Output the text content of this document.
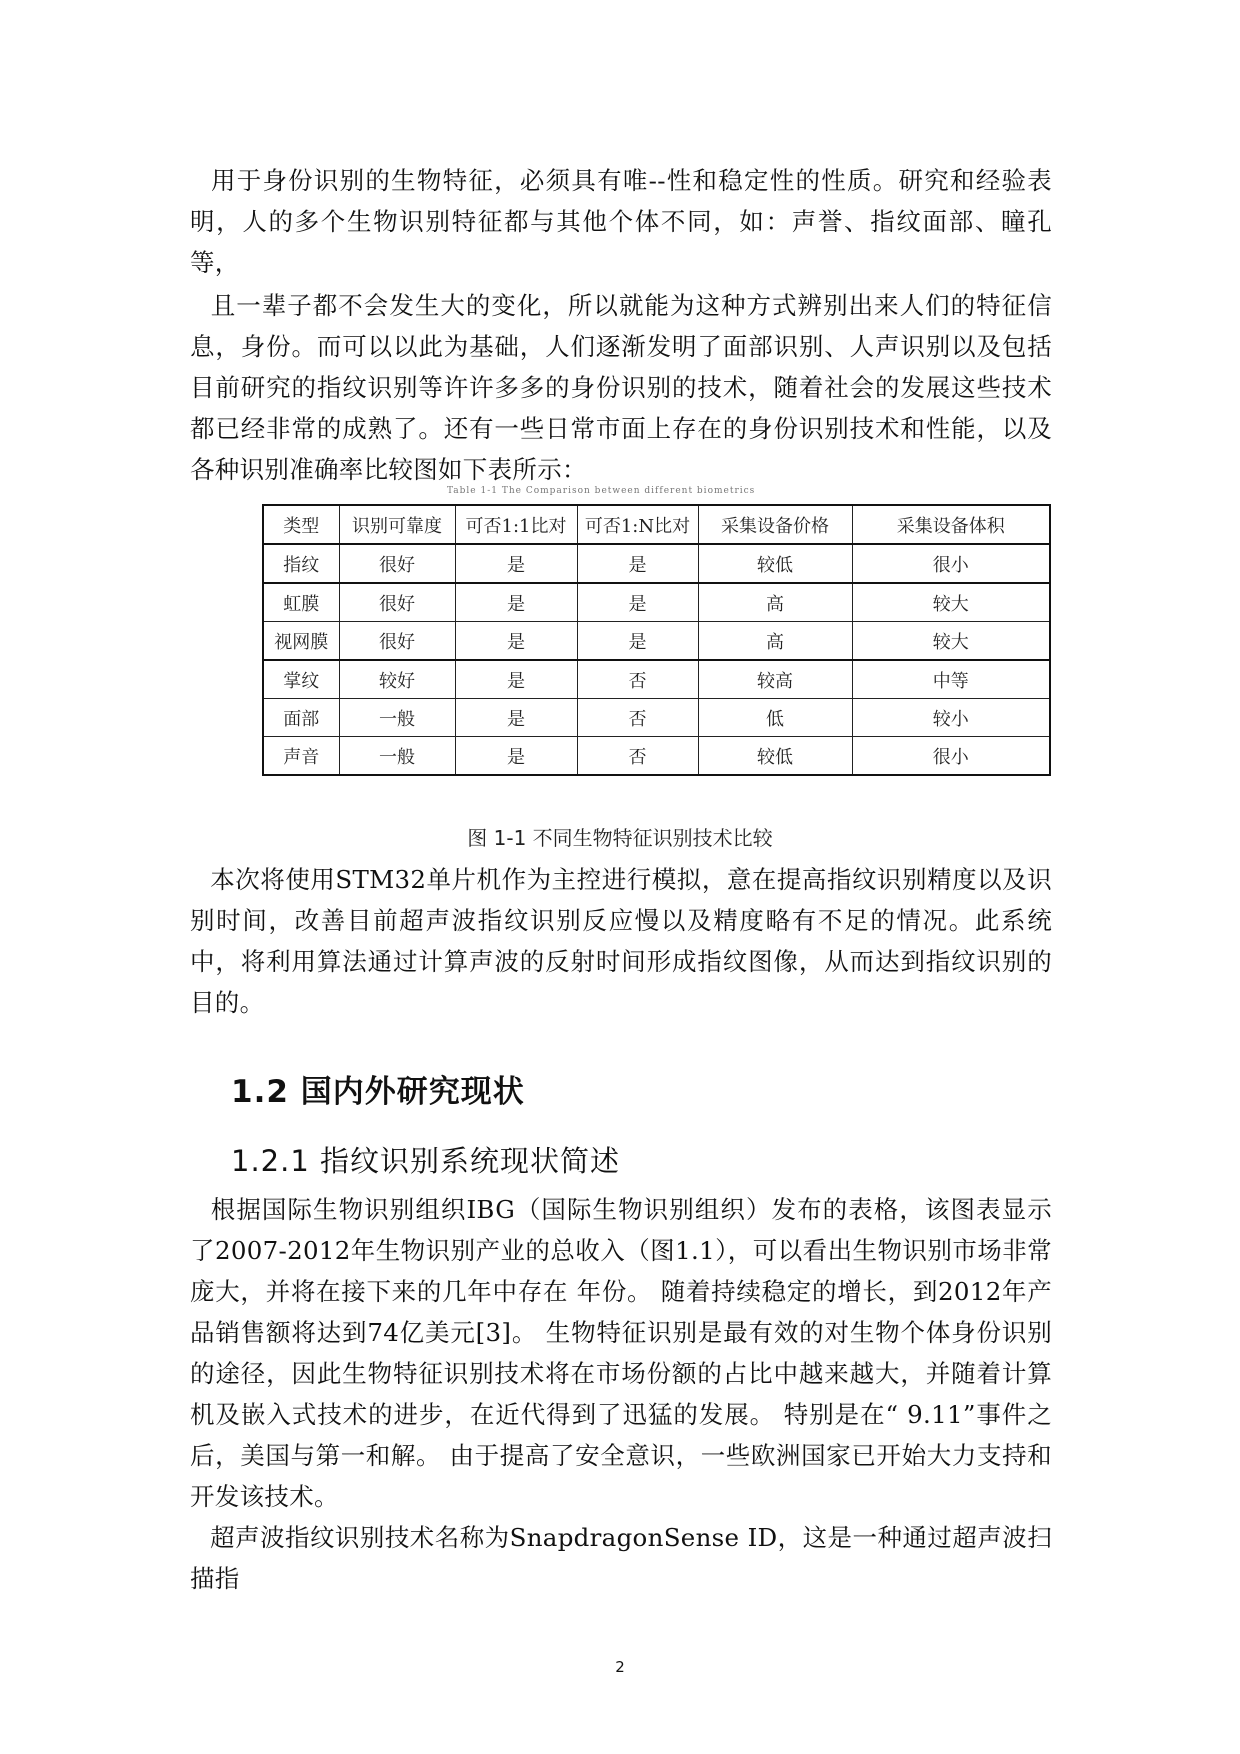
用于身份识别的生物特征，必须具有唯--性和稳定性的性质。研究和经验表明，人的多个生物识别特征都与其他个体不同，如：声誉、指纹面部、瞳孔等，

且一辈子都不会发生大的变化，所以就能为这种方式辨别出来人们的特征信息，身份。而可以以此为基础，人们逐渐发明了面部识别、人声识别以及包括目前研究的指纹识别等许许多多的身份识别的技术，随着社会的发展这些技术都已经非常的成熟了。还有一些日常市面上存在的身份识别技术和性能，以及各种识别准确率比较图如下表所示：

Table 1-1 The Comparison between different biometrics
类型	识别可靠度	可否1:1比对	可否1:N比对	采集设备价格	采集设备体积
指纹	很好	是	是	较低	很小
虹膜	很好	是	是	高	较大
视网膜	很好	是	是	高	较大
掌纹	较好	是	否	较高	中等
面部	一般	是	否	低	较小
声音	一般	是	否	较低	很小
图 1-1 不同生物特征识别技术比较

本次将使用STM32单片机作为主控进行模拟，意在提高指纹识别精度以及识别时间，改善目前超声波指纹识别反应慢以及精度略有不足的情况。此系统中，将利用算法通过计算声波的反射时间形成指纹图像，从而达到指纹识别的目的。

1.2 国内外研究现状
1.2.1 指纹识别系统现状简述

根据国际生物识别组织IBG（国际生物识别组织）发布的表格，该图表显示了2007-2012年生物识别产业的总收入（图1.1），可以看出生物识别市场非常庞大，并将在接下来的几年中存在 年份。 随着持续稳定的增长，到2012年产品销售额将达到74亿美元[3]。 生物特征识别是最有效的对生物个体身份识别的途径，因此生物特征识别技术将在市场份额的占比中越来越大，并随着计算机及嵌入式技术的进步，在近代得到了迅猛的发展。 特别是在“ 9.11”事件之后，美国与第一和解。 由于提高了安全意识，一些欧洲国家已开始大力支持和开发该技术。

超声波指纹识别技术名称为SnapdragonSense ID，这是一种通过超声波扫描指

2
